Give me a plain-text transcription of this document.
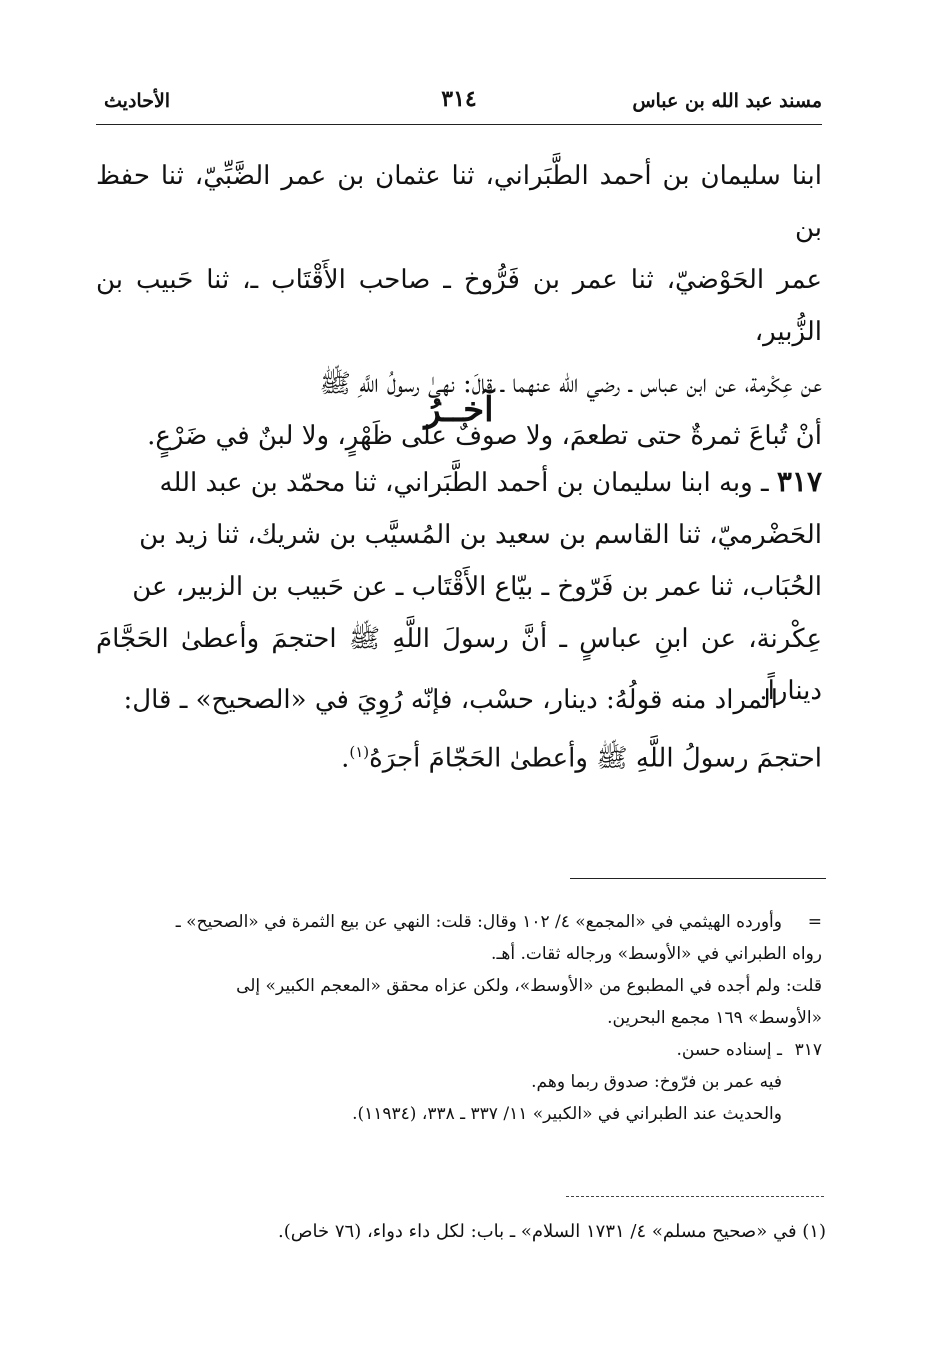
مسند عبد الله بن عباس
٣١٤
الأحاديث

ابنا سليمان بن أحمد الطَّبَراني، ثنا عثمان بن عمر الضَّبِّيّ، ثنا حفظ بن

عمر الحَوْضيّ، ثنا عمر بن فَرُّوخ ـ صاحب الأَقْتَاب ـ، ثنا حَبيب بن الزُّبير،

عن عِكْرمة، عن ابن عباس ـ رضي الله عنهما ـ قالَ: نهىٰ رسولُ اللَّهِ ﷺ

أنْ تُباعَ ثمرةٌ حتى تطعمَ، ولا صوفٌ على ظَهْرٍ، ولا لبنٌ في ضَرْعٍ.

آخــرُ

٣١٧ ـ وبه ابنا سليمان بن أحمد الطَّبَراني، ثنا محمّد بن عبد الله

الحَضْرميّ، ثنا القاسم بن سعيد بن المُسيَّب بن شريك، ثنا زيد بن

الحُبَاب، ثنا عمر بن فَرّوخ ـ بيّاع الأَقْتَاب ـ عن حَبيب بن الزبير، عن

عِكْرنة، عن ابنِ عباسٍ ـ أنَّ رسولَ اللَّهِ ﷺ احتجمَ وأعطىٰ الحَجَّامَ ديناراً.

المراد منه قولُهُ: دينار، حسْب، فإنّه رُوِيَ في «الصحيح» ـ قال:

احتجمَ رسولُ اللَّهِ ﷺ وأعطىٰ الحَجّامَ أجرَهُ$^{(١)}$.

=
وأورده الهيثمي في «المجمع» ٤/ ١٠٢ وقال: قلت: النهي عن بيع الثمرة في «الصحيح» ـ

رواه الطبراني في «الأوسط» ورجاله ثقات. أهـ.

قلت: ولم أجده في المطبوع من «الأوسط»، ولكن عزاه محقق «المعجم الكبير» إلى

«الأوسط» ١٦٩ مجمع البحرين.

٣١٧
ـ إسناده حسن.

فيه عمر بن فرّوخ: صدوق ربما وهم.

والحديث عند الطبراني في «الكبير» ١١/ ٣٣٧ ـ ٣٣٨، (١١٩٣٤).

(١) في «صحيح مسلم» ٤/ ١٧٣١ السلام» ـ باب: لكل داء دواء، (٧٦ خاص).
